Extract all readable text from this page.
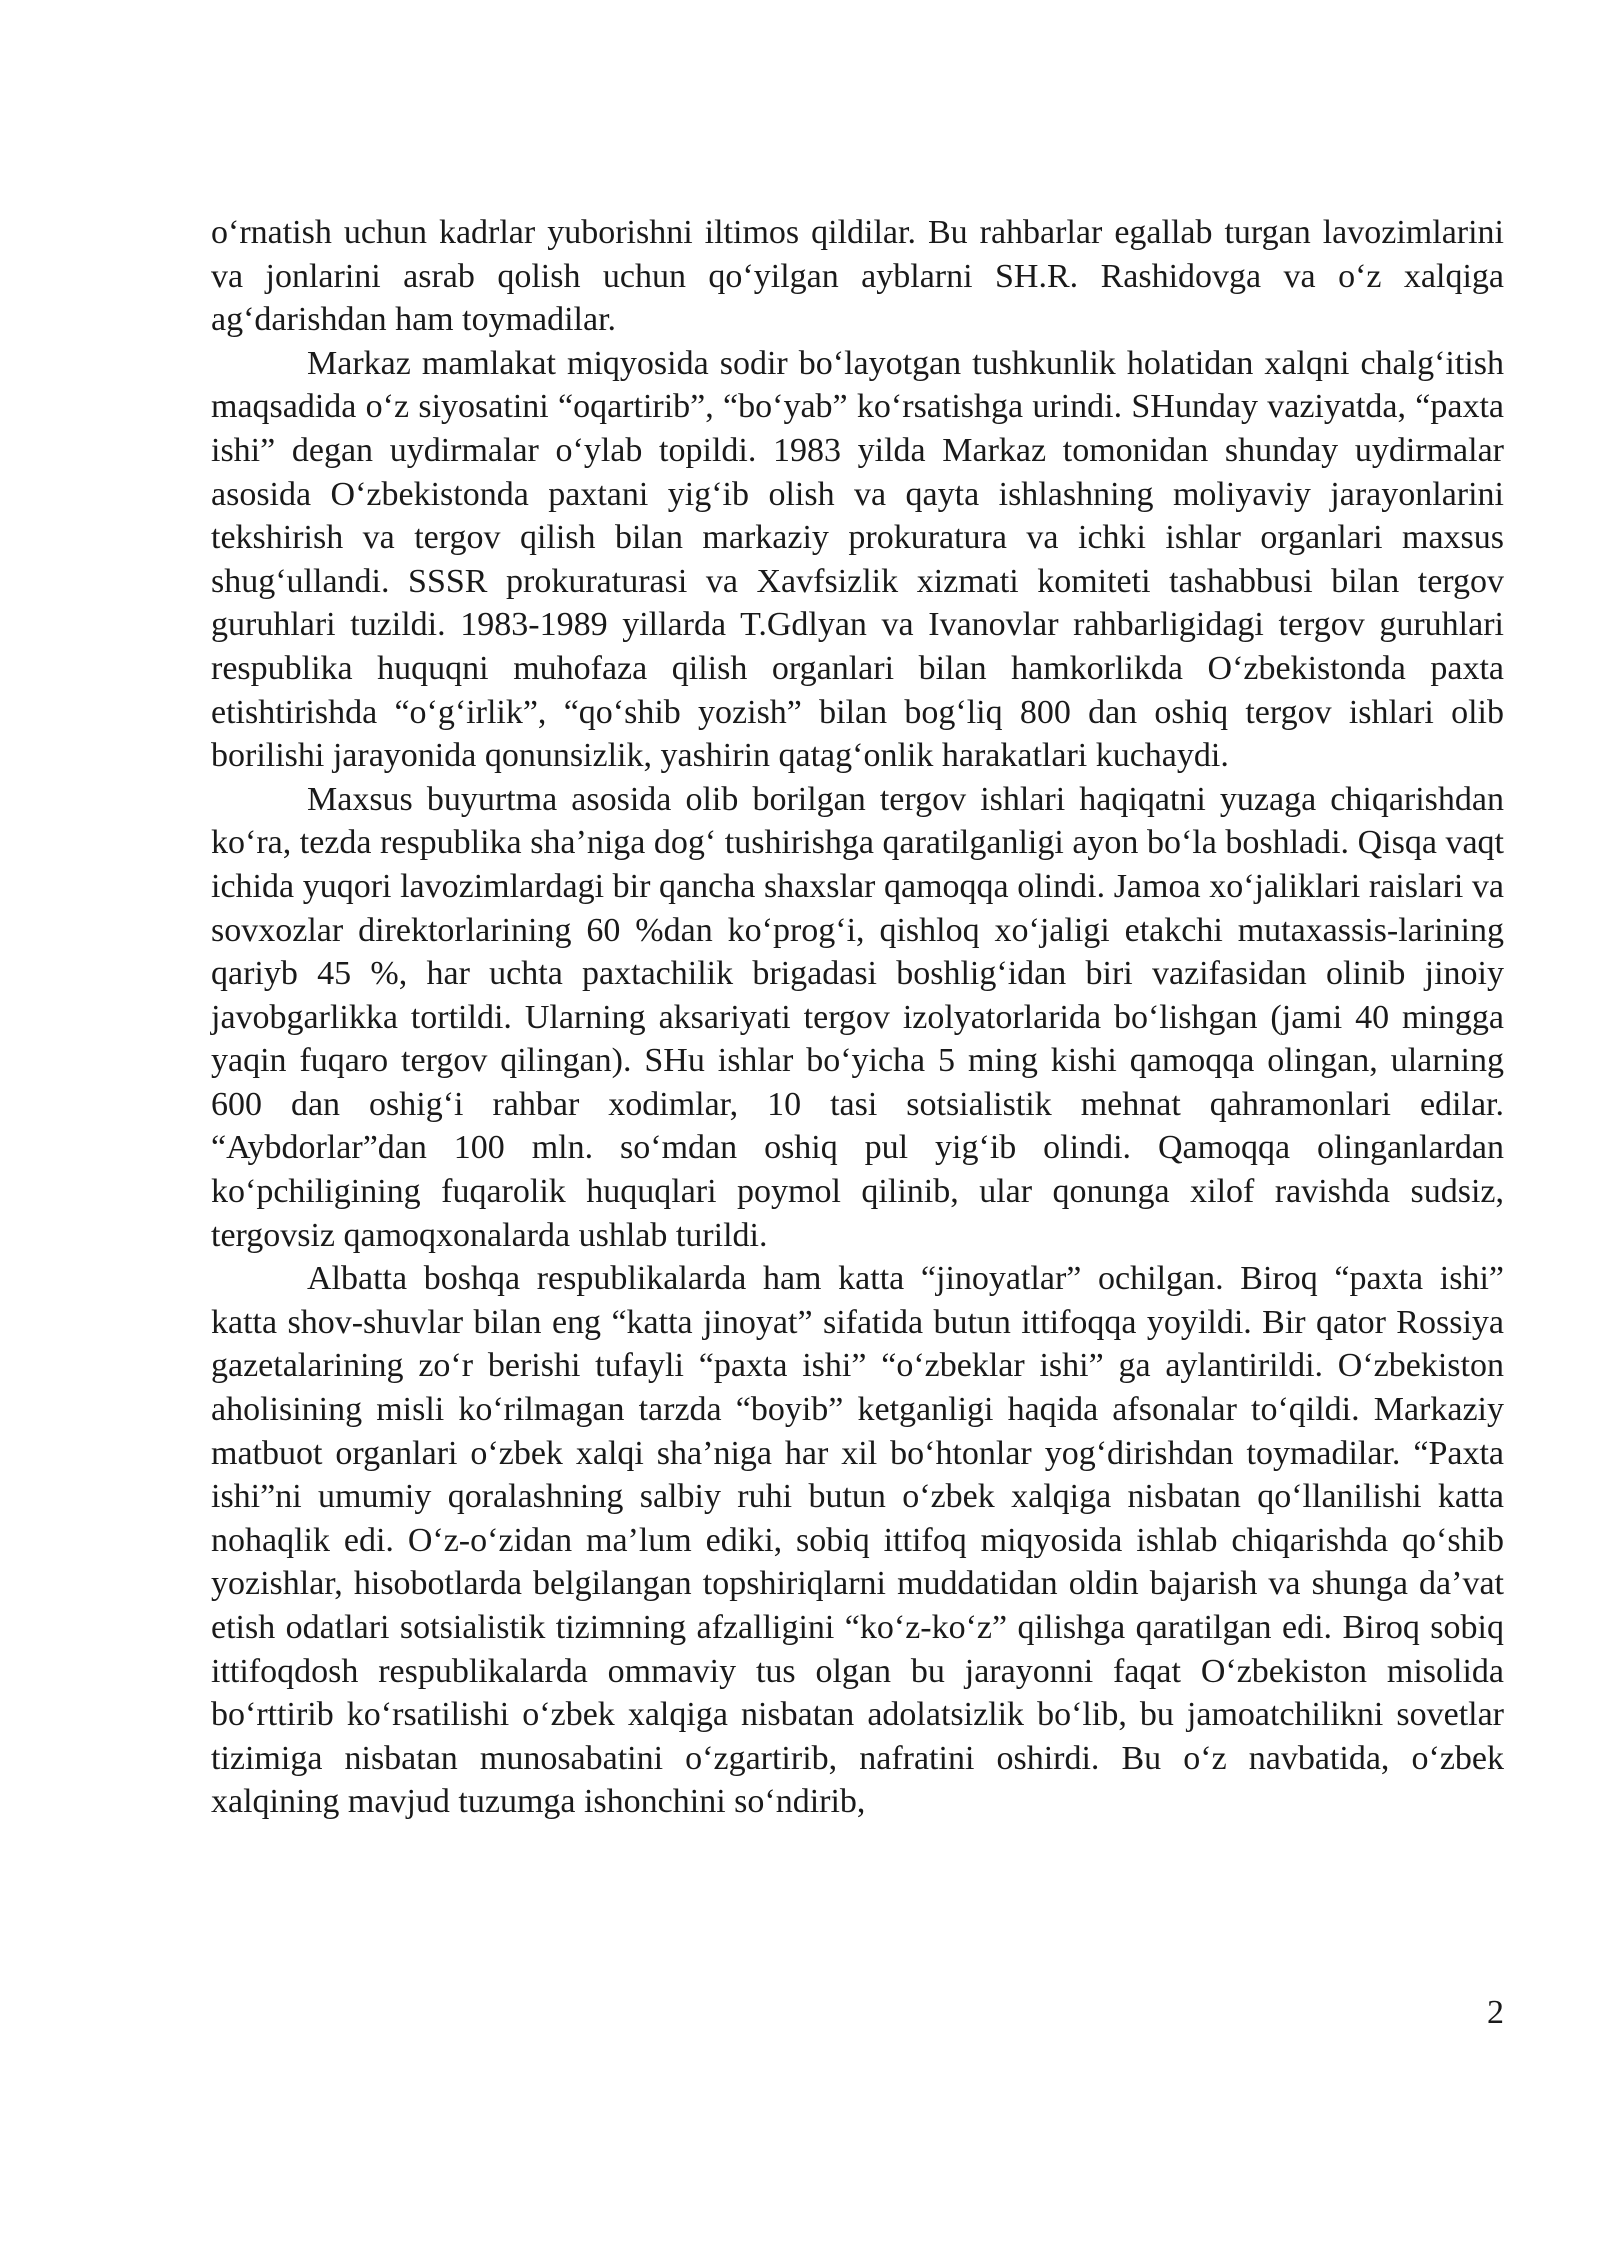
o‘rnatish uchun kadrlar yuborishni iltimos qildilar. Bu rahbarlar egallab turgan lavozimlarini va jonlarini asrab qolish uchun qo‘yilgan ayblarni SH.R. Rashidovga va o‘z xalqiga ag‘darishdan ham toymadilar.

Markaz mamlakat miqyosida sodir bo‘layotgan tushkunlik holatidan xalqni chalg‘itish maqsadida o‘z siyosatini “oqartirib”, “bo‘yab” ko‘rsatishga urindi. SHunday vaziyatda, “paxta ishi” degan uydirmalar o‘ylab topildi. 1983 yilda Markaz tomonidan shunday uydirmalar asosida O‘zbekistonda paxtani yig‘ib olish va qayta ishlashning moliyaviy jarayonlarini tekshirish va tergov qilish bilan markaziy prokuratura va ichki ishlar organlari maxsus shug‘ullandi. SSSR prokuraturasi va Xavfsizlik xizmati komiteti tashabbusi bilan tergov guruhlari tuzildi. 1983-1989 yillarda T.Gdlyan va Ivanovlar rahbarligidagi tergov guruhlari respublika huquqni muhofaza qilish organlari bilan hamkorlikda O‘zbekistonda paxta etishtirishda “o‘g‘irlik”, “qo‘shib yozish” bilan bog‘liq 800 dan oshiq tergov ishlari olib borilishi jarayonida qonunsizlik, yashirin qatag‘onlik harakatlari kuchaydi.

Maxsus buyurtma asosida olib borilgan tergov ishlari haqiqatni yuzaga chiqarishdan ko‘ra, tezda respublika sha’niga dog‘ tushirishga qaratilganligi ayon bo‘la boshladi. Qisqa vaqt ichida yuqori lavozimlardagi bir qancha shaxslar qamoqqa olindi. Jamoa xo‘jaliklari raislari va sovxozlar direktorlarining 60 %dan ko‘prog‘i, qishloq xo‘jaligi etakchi mutaxassis-larining qariyb 45 %, har uchta paxtachilik brigadasi boshlig‘idan biri vazifasidan olinib jinoiy javobgarlikka tortildi. Ularning aksariyati tergov izolyatorlarida bo‘lishgan (jami 40 mingga yaqin fuqaro tergov qilingan). SHu ishlar bo‘yicha 5 ming kishi qamoqqa olingan, ularning 600 dan oshig‘i rahbar xodimlar, 10 tasi sotsialistik mehnat qahramonlari edilar. “Aybdorlar”dan 100 mln. so‘mdan oshiq pul yig‘ib olindi. Qamoqqa olinganlardan ko‘pchiligining fuqarolik huquqlari poymol qilinib, ular qonunga xilof ravishda sudsiz, tergovsiz qamoqxonalarda ushlab turildi.

Albatta boshqa respublikalarda ham katta “jinoyatlar” ochilgan. Biroq “paxta ishi” katta shov-shuvlar bilan eng “katta jinoyat” sifatida butun ittifoqqa yoyildi. Bir qator Rossiya gazetalarining zo‘r berishi tufayli “paxta ishi” “o‘zbeklar ishi” ga aylantirildi. O‘zbekiston aholisining misli ko‘rilmagan tarzda “boyib” ketganligi haqida afsonalar to‘qildi. Markaziy matbuot organlari o‘zbek xalqi sha’niga har xil bo‘htonlar yog‘dirishdan toymadilar. “Paxta ishi”ni umumiy qoralashning salbiy ruhi butun o‘zbek xalqiga nisbatan qo‘llanilishi katta nohaqlik edi. O‘z-o‘zidan ma’lum ediki, sobiq ittifoq miqyosida ishlab chiqarishda qo‘shib yozishlar, hisobotlarda belgilangan topshiriqlarni muddatidan oldin bajarish va shunga da’vat etish odatlari sotsialistik tizimning afzalligini “ko‘z-ko‘z” qilishga qaratilgan edi. Biroq sobiq ittifoqdosh respublikalarda ommaviy tus olgan bu jarayonni faqat O‘zbekiston misolida bo‘rttirib ko‘rsatilishi o‘zbek xalqiga nisbatan adolatsizlik bo‘lib, bu jamoatchilikni sovetlar tizimiga nisbatan munosabatini o‘zgartirib, nafratini oshirdi. Bu o‘z navbatida, o‘zbek xalqining mavjud tuzumga ishonchini so‘ndirib,

2
